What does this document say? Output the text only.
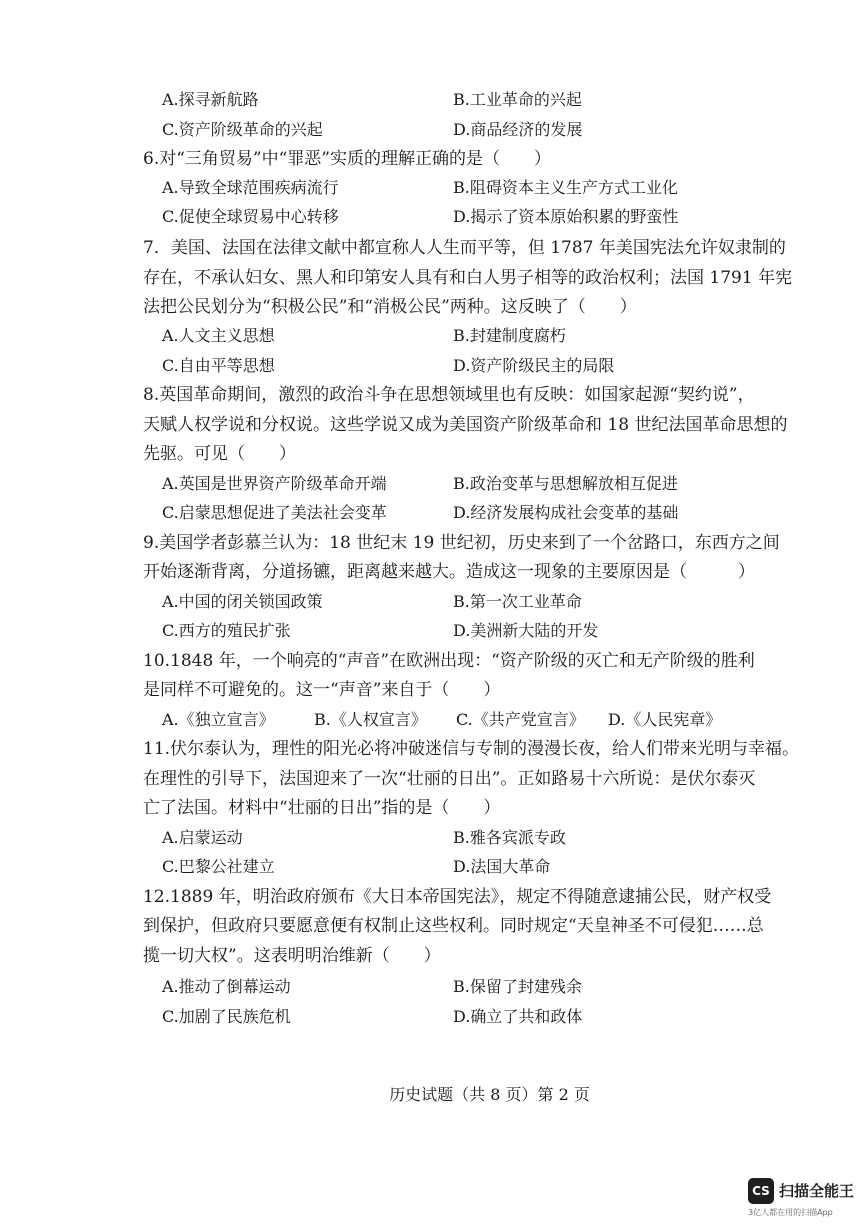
A.探寻新航路	B.工业革命的兴起
C.资产阶级革命的兴起	D.商品经济的发展
6.对“三角贸易”中“罪恶”实质的理解正确的是（　　）
A.导致全球范围疾病流行	B.阻碍资本主义生产方式工业化
C.促使全球贸易中心转移	D.揭示了资本原始积累的野蛮性
7．美国、法国在法律文献中都宣称人人生而平等，但 1787 年美国宪法允许奴隶制的
存在，不承认妇女、黑人和印第安人具有和白人男子相等的政治权利；法国 1791 年宪
法把公民划分为“积极公民”和“消极公民”两种。这反映了（　　）
A.人文主义思想	B.封建制度腐朽
C.自由平等思想	D.资产阶级民主的局限
8.英国革命期间，激烈的政治斗争在思想领域里也有反映：如国家起源“契约说”，
天赋人权学说和分权说。这些学说又成为美国资产阶级革命和 18 世纪法国革命思想的
先驱。可见（　　）
A.英国是世界资产阶级革命开端	B.政治变革与思想解放相互促进
C.启蒙思想促进了美法社会变革	D.经济发展构成社会变革的基础
9.美国学者彭慕兰认为：18 世纪末 19 世纪初，历史来到了一个岔路口，东西方之间
开始逐渐背离，分道扬镳，距离越来越大。造成这一现象的主要原因是（　　　）
A.中国的闭关锁国政策	B.第一次工业革命
C.西方的殖民扩张	D.美洲新大陆的开发
10.1848 年，一个响亮的“声音”在欧洲出现：“资产阶级的灭亡和无产阶级的胜利
是同样不可避免的。这一“声音”来自于（　　）
A.《独立宣言》 B.《人权宣言》 C.《共产党宣言》 D.《人民宪章》
11.伏尔泰认为，理性的阳光必将冲破迷信与专制的漫漫长夜，给人们带来光明与幸福。
在理性的引导下，法国迎来了一次“壮丽的日出”。正如路易十六所说：是伏尔泰灭
亡了法国。材料中“壮丽的日出”指的是（　　）
A.启蒙运动	B.雅各宾派专政
C.巴黎公社建立	D.法国大革命
12.1889 年，明治政府颁布《大日本帝国宪法》，规定不得随意逮捕公民，财产权受
到保护，但政府只要愿意便有权制止这些权利。同时规定“天皇神圣不可侵犯……总
揽一切大权”。这表明明治维新（　　）
A.推动了倒幕运动	B.保留了封建残余
C.加剧了民族危机	D.确立了共和政体
历史试题（共 8 页）第 2 页
CS 扫描全能王
3亿人都在用的扫描App
